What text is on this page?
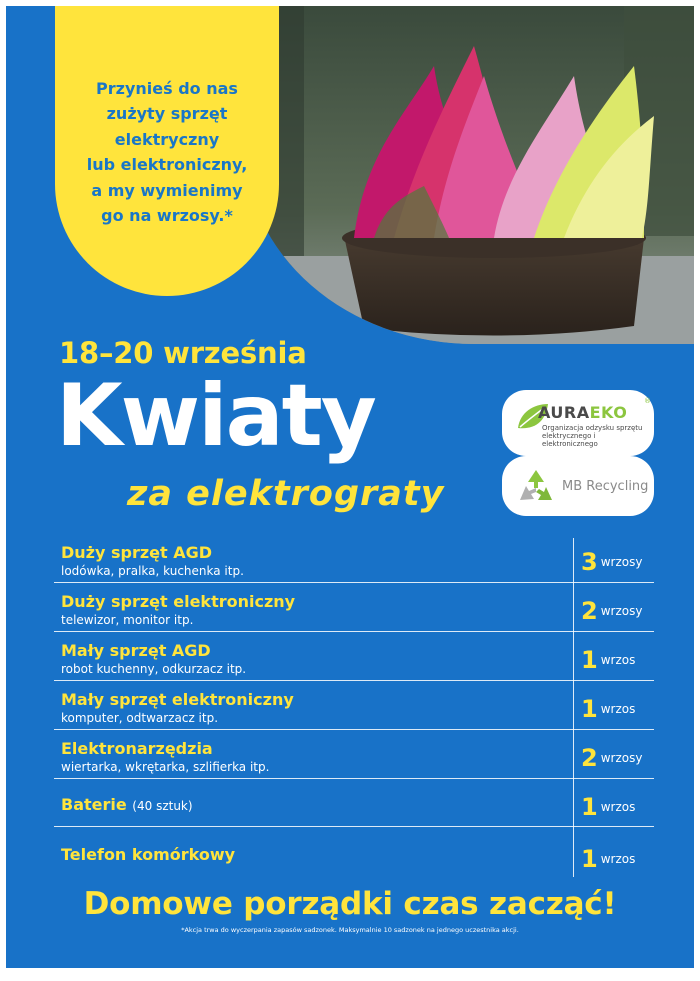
Przynieś do nas
zużyty sprzęt
elektryczny
lub elektroniczny,
a my wymienimy
go na wrzosy.*
18–20 września
Kwiaty
za elektrograty
AURAEKO
®
Organizacja odzysku sprzętu elektrycznego i elektronicznego
MB Recycling
Duży sprzęt AGD
lodówka, pralka, kuchenka itp.	3 wrzosy
Duży sprzęt elektroniczny
telewizor, monitor itp.	2 wrzosy
Mały sprzęt AGD
robot kuchenny, odkurzacz itp.	1 wrzos
Mały sprzęt elektroniczny
komputer, odtwarzacz itp.	1 wrzos
Elektronarzędzia
wiertarka, wkrętarka, szlifierka itp.	2 wrzosy
Baterie (40 sztuk)	1 wrzos
Telefon komórkowy	1 wrzos
Domowe porządki czas zacząć!
*Akcja trwa do wyczerpania zapasów sadzonek. Maksymalnie 10 sadzonek na jednego uczestnika akcji.
